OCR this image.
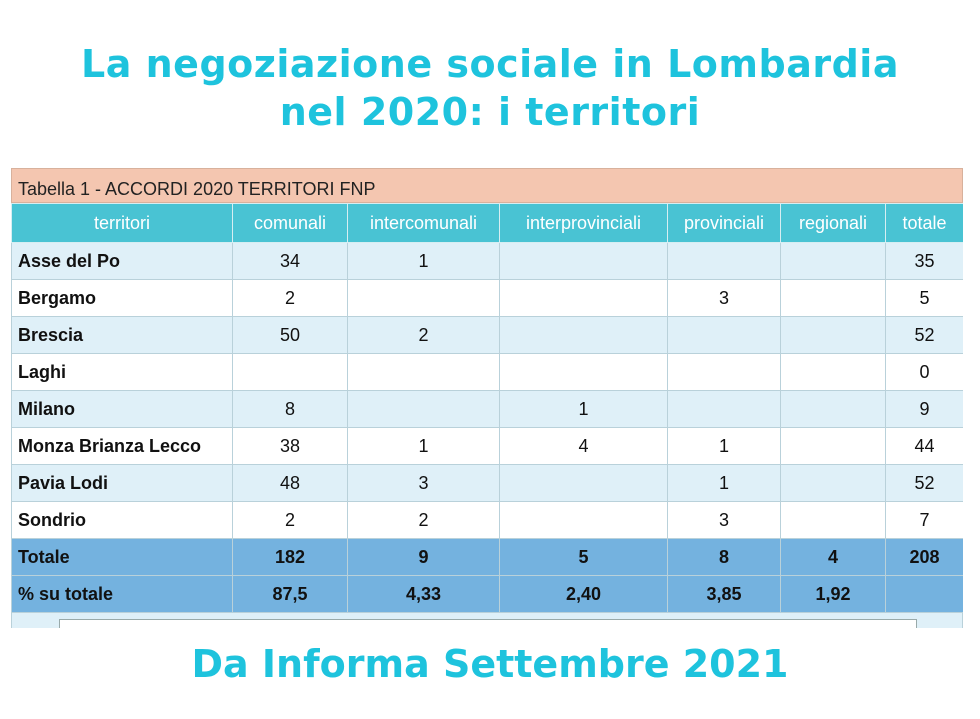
La negoziazione sociale in Lombardia
nel 2020: i territori
Tabella 1 - ACCORDI 2020 TERRITORI FNP
territori	comunali	intercomunali	interprovinciali	provinciali	regionali	totale
Asse del Po	34	1				35
Bergamo	2			3		5
Brescia	50	2				52
Laghi						0
Milano	8		1			9
Monza Brianza Lecco	38	1	4	1		44
Pavia Lodi	48	3		1		52
Sondrio	2	2		3		7
Totale	182	9	5	8	4	208
% su totale	87,5	4,33	2,40	3,85	1,92	
Da Informa Settembre 2021
